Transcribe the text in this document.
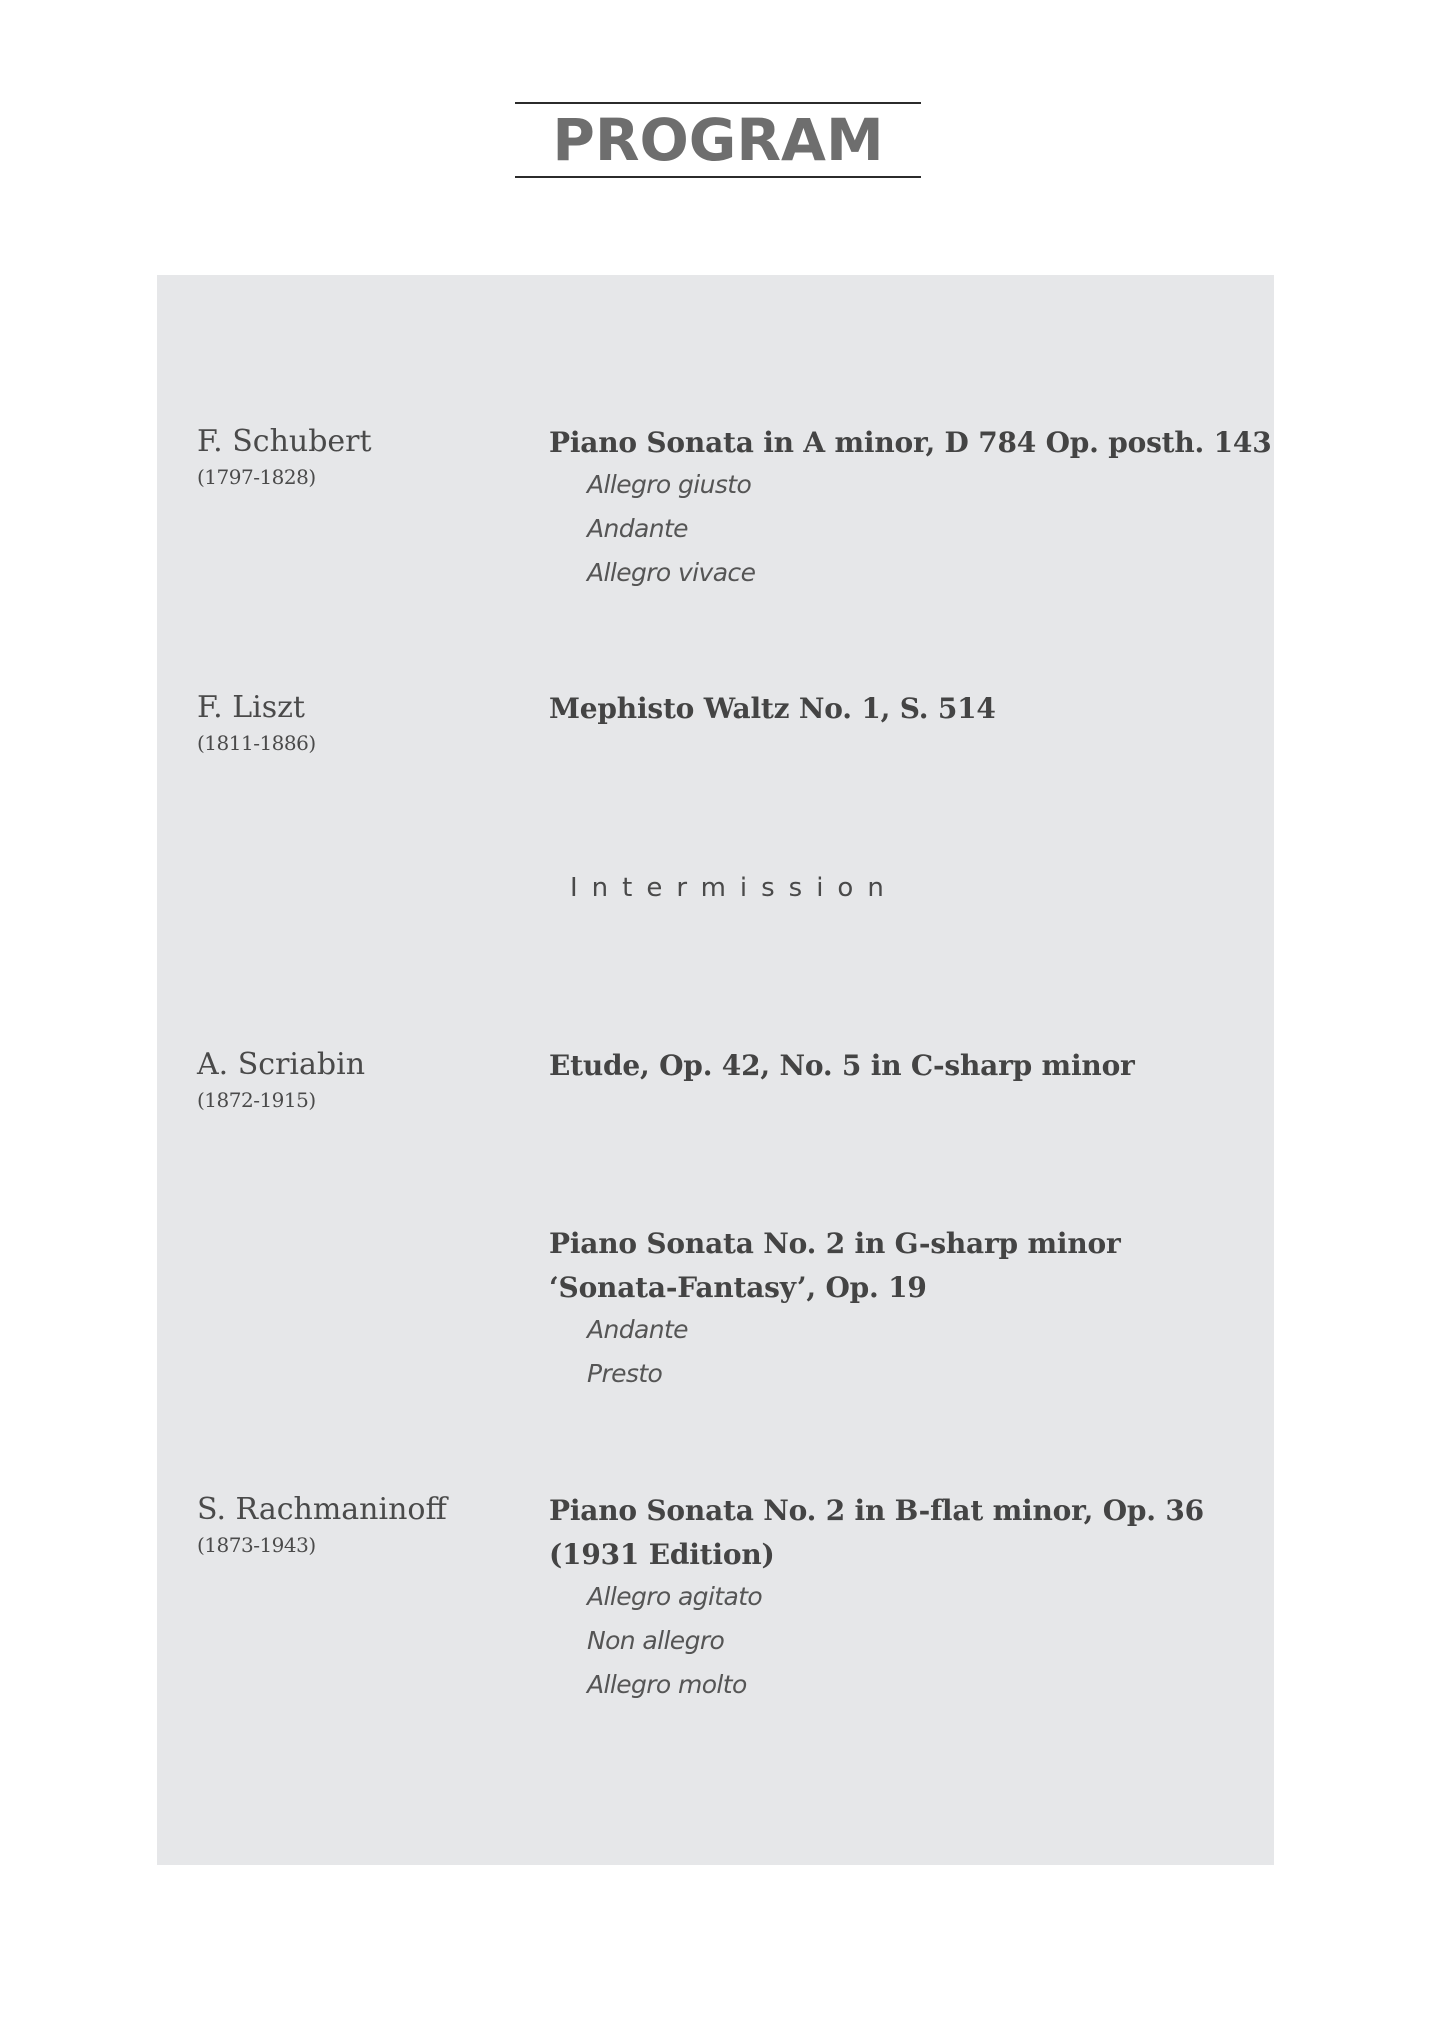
PROGRAM
F. Schubert
(1797-1828)
Piano Sonata in A minor, D 784 Op. posth. 143
Allegro giusto
Andante
Allegro vivace
F. Liszt
(1811-1886)
Mephisto Waltz No. 1, S. 514
Intermission
A. Scriabin
(1872-1915)
Etude, Op. 42, No. 5 in C-sharp minor
Piano Sonata No. 2 in G-sharp minor
‘Sonata-Fantasy’, Op. 19
Andante
Presto
S. Rachmaninoff
(1873-1943)
Piano Sonata No. 2 in B-flat minor, Op. 36
(1931 Edition)
Allegro agitato
Non allegro
Allegro molto
